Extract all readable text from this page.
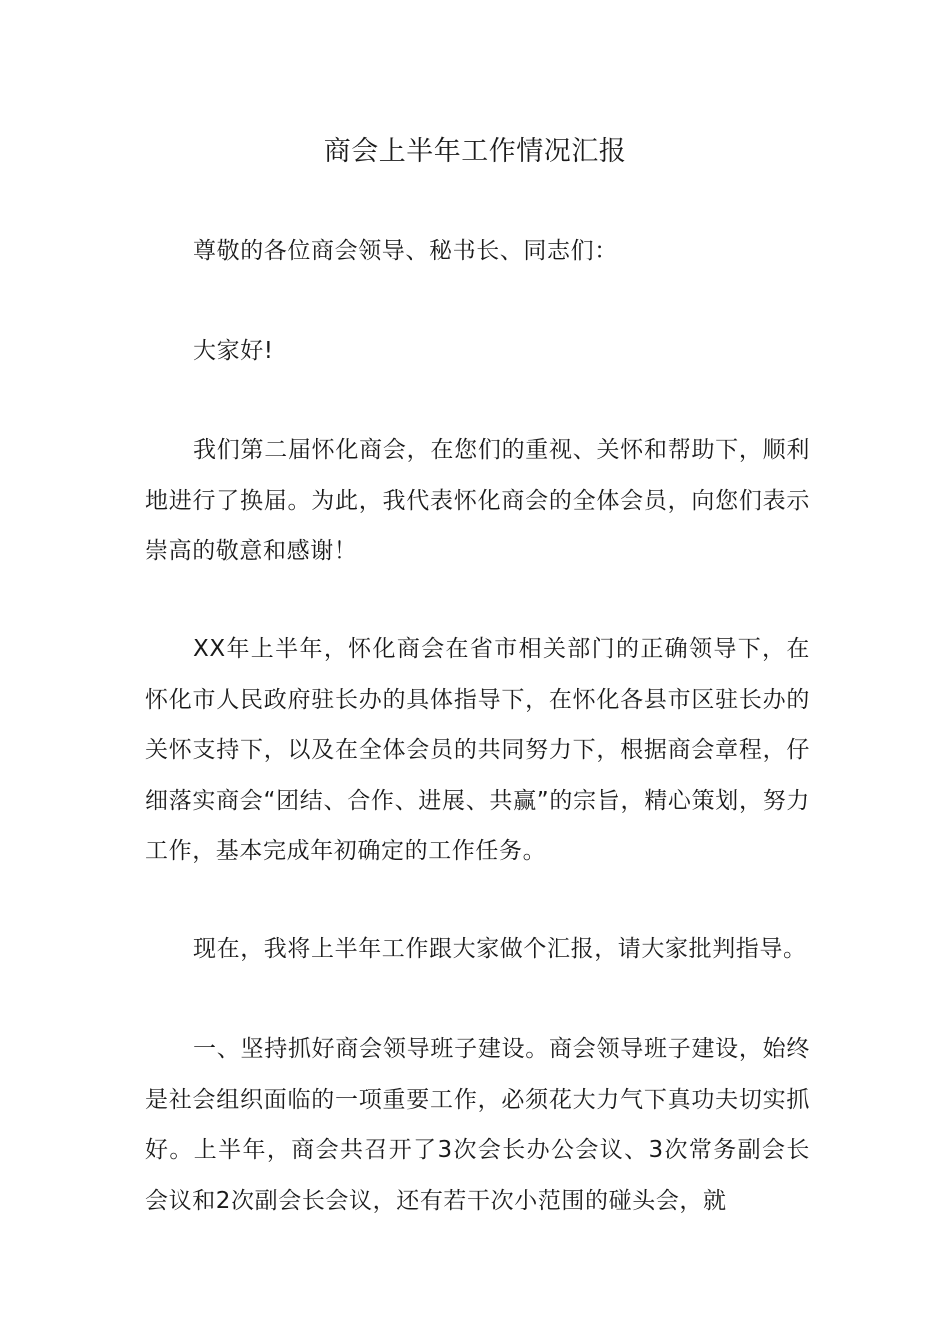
商会上半年工作情况汇报

尊敬的各位商会领导、秘书长、同志们：

大家好!

我们第二届怀化商会，在您们的重视、关怀和帮助下，顺利地进行了换届。为此，我代表怀化商会的全体会员，向您们表示崇高的敬意和感谢！

XX年上半年，怀化商会在省市相关部门的正确领导下，在怀化市人民政府驻长办的具体指导下，在怀化各县市区驻长办的关怀支持下，以及在全体会员的共同努力下，根据商会章程，仔细落实商会“团结、合作、进展、共赢”的宗旨，精心策划，努力工作，基本完成年初确定的工作任务。

现在，我将上半年工作跟大家做个汇报，请大家批判指导。

一、坚持抓好商会领导班子建设。商会领导班子建设，始终是社会组织面临的一项重要工作，必须花大力气下真功夫切实抓好。上半年，商会共召开了3次会长办公会议、3次常务副会长会议和2次副会长会议，还有若干次小范围的碰头会，就
